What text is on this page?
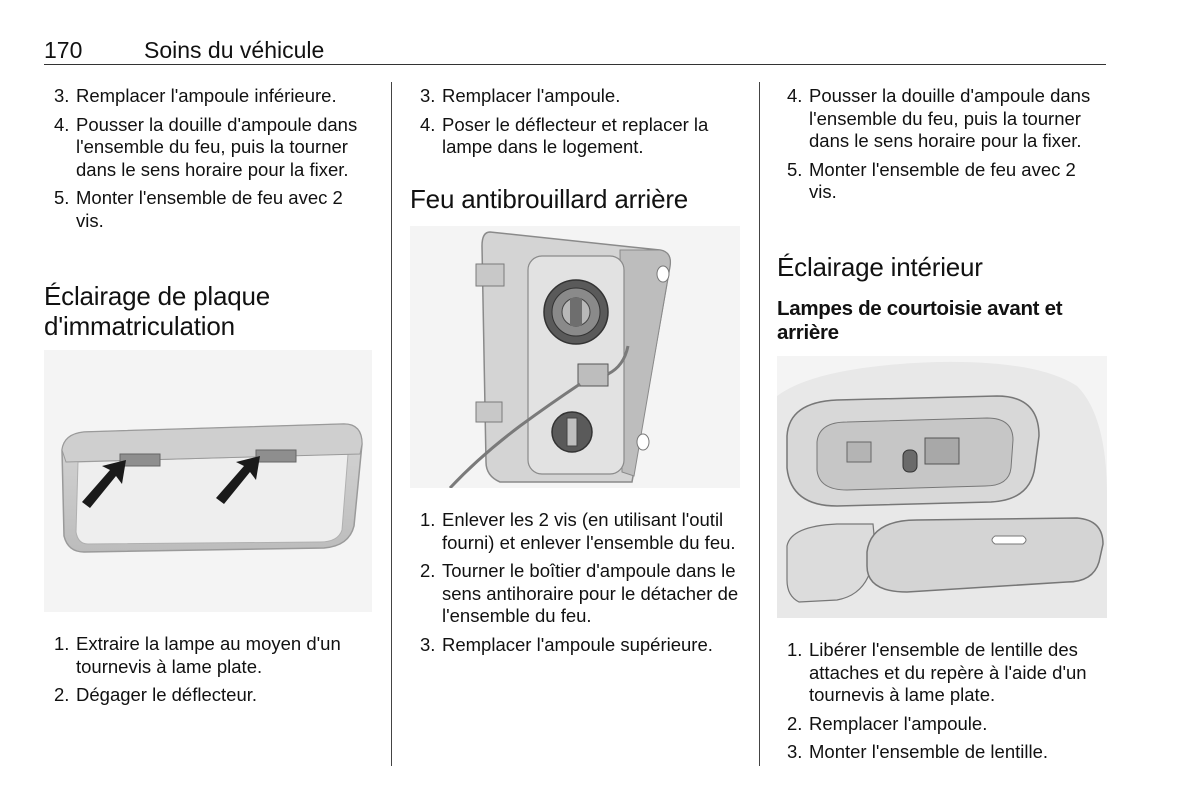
170	Soins du véhicule

3. Remplacer l'ampoule inférieure.

4. Pousser la douille d'ampoule dans l'ensemble du feu, puis la tourner dans le sens horaire pour la fixer.

5. Monter l'ensemble de feu avec 2 vis.

Éclairage de plaque d'immatriculation

1. Extraire la lampe au moyen d'un tournevis à lame plate.

2. Dégager le déflecteur.

3. Remplacer l'ampoule.

4. Poser le déflecteur et replacer la lampe dans le logement.

Feu antibrouillard arrière

1. Enlever les 2 vis (en utilisant l'outil fourni) et enlever l'ensemble du feu.

2. Tourner le boîtier d'ampoule dans le sens antihoraire pour le détacher de l'ensemble du feu.

3. Remplacer l'ampoule supérieure.

4. Pousser la douille d'ampoule dans l'ensemble du feu, puis la tourner dans le sens horaire pour la fixer.

5. Monter l'ensemble de feu avec 2 vis.

Éclairage intérieur
Lampes de courtoisie avant et arrière

1. Libérer l'ensemble de lentille des attaches et du repère à l'aide d'un tournevis à lame plate.

2. Remplacer l'ampoule.

3. Monter l'ensemble de lentille.
